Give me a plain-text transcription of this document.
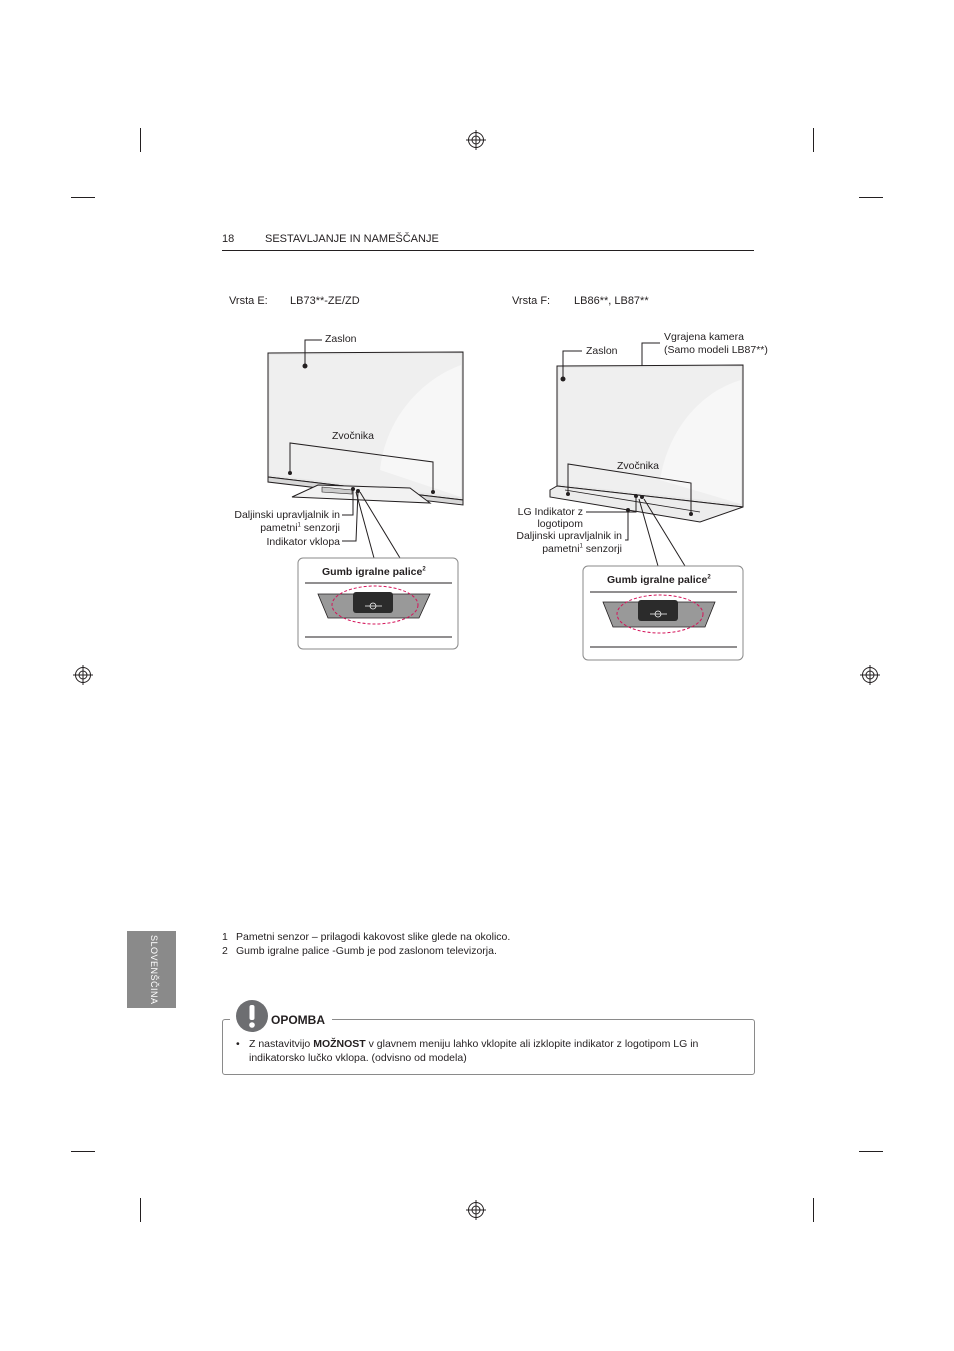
18	SESTAVLJANJE IN NAMEŠČANJE
Vrsta E: LB73**-ZE/ZD	Vrsta F: LB86**, LB87**
Zaslon
Zvočnika
Daljinski upravljalnik in
pametni$^1$ senzorji
Indikator vklopa
Gumb igralne palice$^2$
Zaslon
Vgrajena kamera
(Samo modeli LB87**)
Zvočnika
LG Indikator z
logotipom
Daljinski upravljalnik in
pametni$^1$ senzorji
Gumb igralne palice$^2$
SLOVENŠČINA	1 Pametni senzor – prilagodi kakovost slike glede na okolico.
2 Gumb igralne palice -Gumb je pod zaslonom televizorja.
OPOMBA
• Z nastavitvijo MOŽNOST v glavnem meniju lahko vklopite ali izklopite indikator z logotipom LG in
indikatorsko lučko vklopa. (odvisno od modela)
